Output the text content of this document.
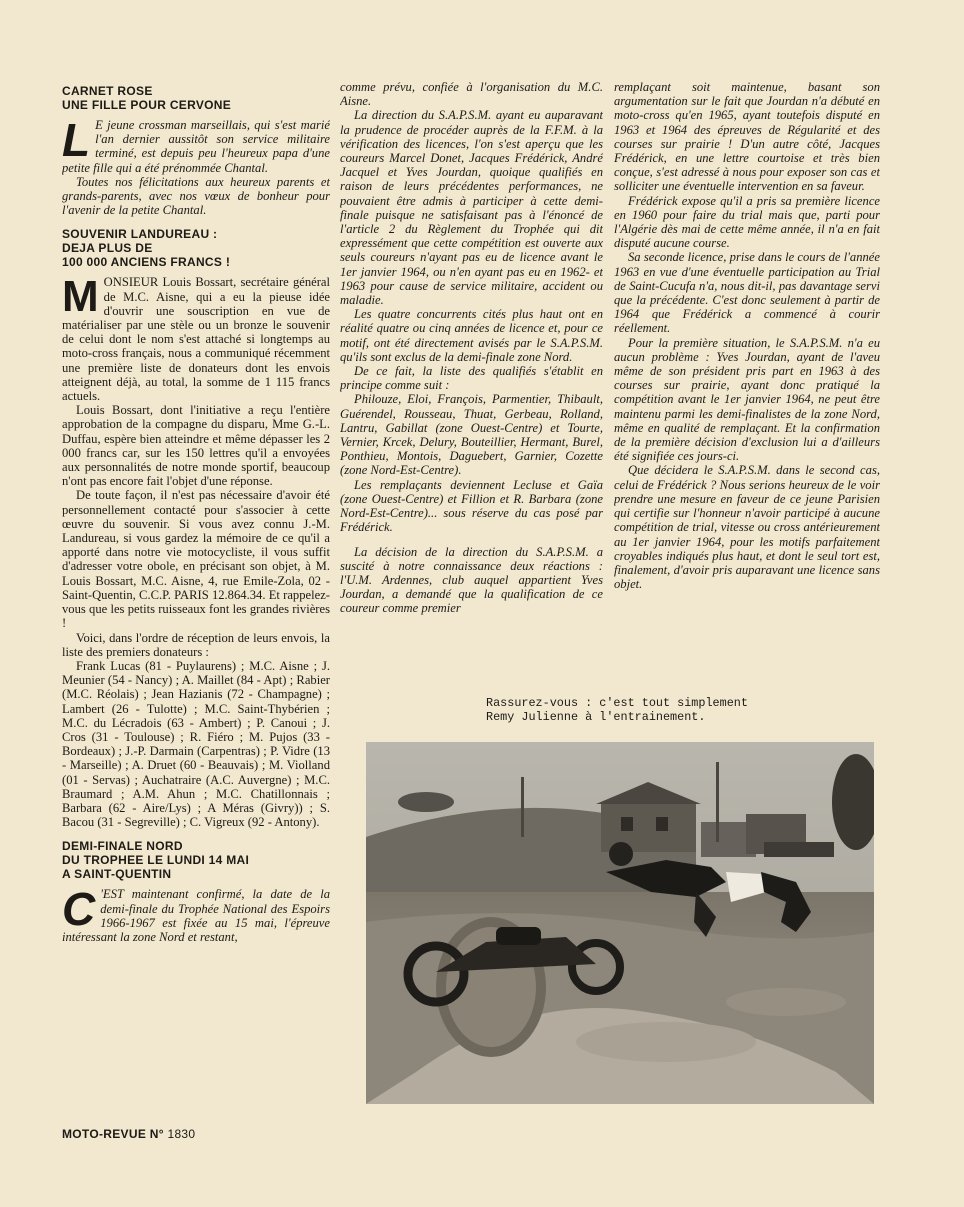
CARNET ROSE
UNE FILLE POUR CERVONE

L E jeune crossman marseillais, qui s'est marié l'an dernier aussitôt son service militaire terminé, est depuis peu l'heureux papa d'une petite fille qui a été prénommée Chantal.

Toutes nos félicitations aux heureux parents et grands-parents, avec nos vœux de bonheur pour l'avenir de la petite Chantal.

SOUVENIR LANDUREAU :
DEJA PLUS DE
100 000 ANCIENS FRANCS !

MONSIEUR Louis Bossart, secrétaire général de M.C. Aisne, qui a eu la pieuse idée d'ouvrir une souscription en vue de matérialiser par une stèle ou un bronze le souvenir de celui dont le nom s'est attaché si longtemps au moto-cross français, nous a communiqué récemment une première liste de donateurs dont les envois atteignent déjà, au total, la somme de 1 115 francs actuels.

Louis Bossart, dont l'initiative a reçu l'entière approbation de la compagne du disparu, Mme G.-L. Duffau, espère bien atteindre et même dépasser les 2 000 francs car, sur les 150 lettres qu'il a envoyées aux personnalités de notre monde sportif, beaucoup n'ont pas encore fait l'objet d'une réponse.

De toute façon, il n'est pas nécessaire d'avoir été personnellement contacté pour s'associer à cette œuvre du souvenir. Si vous avez connu J.-M. Landureau, si vous gardez la mémoire de ce qu'il a apporté dans notre vie motocycliste, il vous suffit d'adresser votre obole, en précisant son objet, à M. Louis Bossart, M.C. Aisne, 4, rue Emile-Zola, 02 - Saint-Quentin, C.C.P. PARIS 12.864.34. Et rappelez-vous que les petits ruisseaux font les grandes rivières !

Voici, dans l'ordre de réception de leurs envois, la liste des premiers donateurs :

Frank Lucas (81 - Puylaurens) ; M.C. Aisne ; J. Meunier (54 - Nancy) ; A. Maillet (84 - Apt) ; Rabier (M.C. Réolais) ; Jean Hazianis (72 - Champagne) ; Lambert (26 - Tulotte) ; M.C. Saint-Thybérien ; M.C. du Lécradois (63 - Ambert) ; P. Canoui ; J. Cros (31 - Toulouse) ; R. Fiéro ; M. Pujos (33 - Bordeaux) ; J.-P. Darmain (Carpentras) ; P. Vidre (13 - Marseille) ; A. Druet (60 - Beauvais) ; M. Violland (01 - Servas) ; Auchatraire (A.C. Auvergne) ; M.C. Braumard ; A.M. Ahun ; M.C. Chatillonnais ; Barbara (62 - Aire/Lys) ; A Méras (Givry)) ; S. Bacou (31 - Segreville) ; C. Vigreux (92 - Antony).

DEMI-FINALE NORD
DU TROPHEE LE LUNDI 14 MAI
A SAINT-QUENTIN

C 'EST maintenant confirmé, la date de la demi-finale du Trophée National des Espoirs 1966-1967 est fixée au 15 mai, l'épreuve intéressant la zone Nord et restant,

comme prévu, confiée à l'organisation du M.C. Aisne.

La direction du S.A.P.S.M. ayant eu auparavant la prudence de procéder auprès de la F.F.M. à la vérification des licences, l'on s'est aperçu que les coureurs Marcel Donet, Jacques Frédérick, André Jacquel et Yves Jourdan, quoique qualifiés en raison de leurs précédentes performances, ne pouvaient être admis à participer à cette demi-finale puisque ne satisfaisant pas à l'énoncé de l'article 2 du Règlement du Trophée qui dit expressément que cette compétition est ouverte aux seuls coureurs n'ayant pas eu de licence avant le 1er janvier 1964, ou n'en ayant pas eu en 1962- et 1963 pour cause de service militaire, accident ou maladie.

Les quatre concurrents cités plus haut ont en réalité quatre ou cinq années de licence et, pour ce motif, ont été directement avisés par le S.A.P.S.M. qu'ils sont exclus de la demi-finale zone Nord.

De ce fait, la liste des qualifiés s'établit en principe comme suit :

Philouze, Eloi, François, Parmentier, Thibault, Guérendel, Rousseau, Thuat, Gerbeau, Rolland, Lantru, Gabillat (zone Ouest-Centre) et Tourte, Vernier, Krcek, Delury, Bouteillier, Hermant, Burel, Ponthieu, Montois, Daguebert, Garnier, Cozette (zone Nord-Est-Centre).

Les remplaçants deviennent Lecluse et Gaïa (zone Ouest-Centre) et Fillion et R. Barbara (zone Nord-Est-Centre)... sous réserve du cas posé par Frédérick.

La décision de la direction du S.A.P.S.M. a suscité à notre connaissance deux réactions : l'U.M. Ardennes, club auquel appartient Yves Jourdan, a demandé que la qualification de ce coureur comme premier

remplaçant soit maintenue, basant son argumentation sur le fait que Jourdan n'a débuté en moto-cross qu'en 1965, ayant toutefois disputé en 1963 et 1964 des épreuves de Régularité et des courses sur prairie ! D'un autre côté, Jacques Frédérick, en une lettre courtoise et très bien conçue, s'est adressé à nous pour exposer son cas et solliciter une éventuelle intervention en sa faveur.

Frédérick expose qu'il a pris sa première licence en 1960 pour faire du trial mais que, parti pour l'Algérie dès mai de cette même année, il n'a en fait disputé aucune course.

Sa seconde licence, prise dans le cours de l'année 1963 en vue d'une éventuelle participation au Trial de Saint-Cucufa n'a, nous dit-il, pas davantage servi que la précédente. C'est donc seulement à partir de 1964 que Frédérick a commencé à courir réellement.

Pour la première situation, le S.A.P.S.M. n'a eu aucun problème : Yves Jourdan, ayant de l'aveu même de son président pris part en 1963 à des courses sur prairie, ayant donc pratiqué la compétition avant le 1er janvier 1964, ne peut être maintenu parmi les demi-finalistes de la zone Nord, même en qualité de remplaçant. Et la confirmation de la première décision d'exclusion lui a d'ailleurs été signifiée ces jours-ci.

Que décidera le S.A.P.S.M. dans le second cas, celui de Frédérick ? Nous serions heureux de le voir prendre une mesure en faveur de ce jeune Parisien qui certifie sur l'honneur n'avoir participé à aucune compétition de trial, vitesse ou cross antérieurement au 1er janvier 1964, pour les motifs parfaitement croyables indiqués plus haut, et dont le seul tort est, finalement, d'avoir pris auparavant une licence sans objet.

Rassurez-vous : c'est tout simplement Remy Julienne à l'entrainement.
MOTO-REVUE N° 1830
